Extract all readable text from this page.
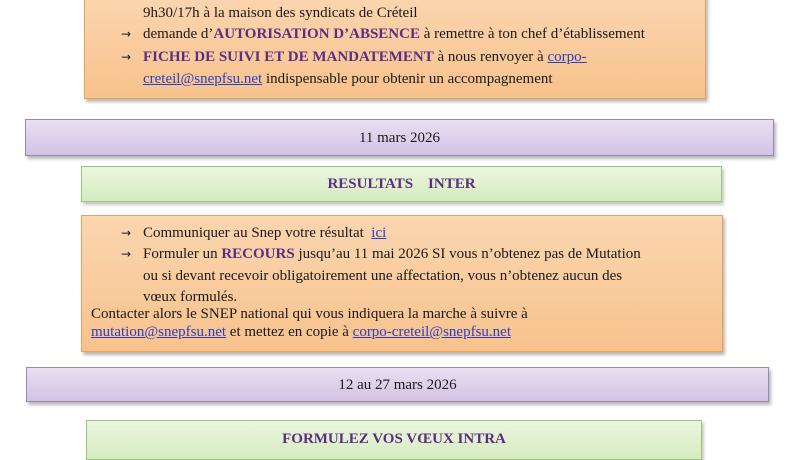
9h30/17h à la maison des syndicats de Créteil
→ demande d’AUTORISATION D’ABSENCE à remettre à ton chef d’établissement
→ FICHE DE SUIVI ET DE MANDATEMENT à nous renvoyer à corpo-
creteil@snepfsu.net indispensable pour obtenir un accompagnement
11 mars 2026
RESULTATS    INTER
→ Communiquer au Snep votre résultat  ici
→ Formuler un RECOURS jusqu’au 11 mai 2026 SI vous n’obtenez pas de Mutation
ou si devant recevoir obligatoirement une affectation, vous n’obtenez aucun des
vœux formulés.
Contacter alors le SNEP national qui vous indiquera la marche à suivre à
mutation@snepfsu.net et mettez en copie à corpo-creteil@snepfsu.net
12 au 27 mars 2026
FORMULEZ VOS VŒUX INTRA
